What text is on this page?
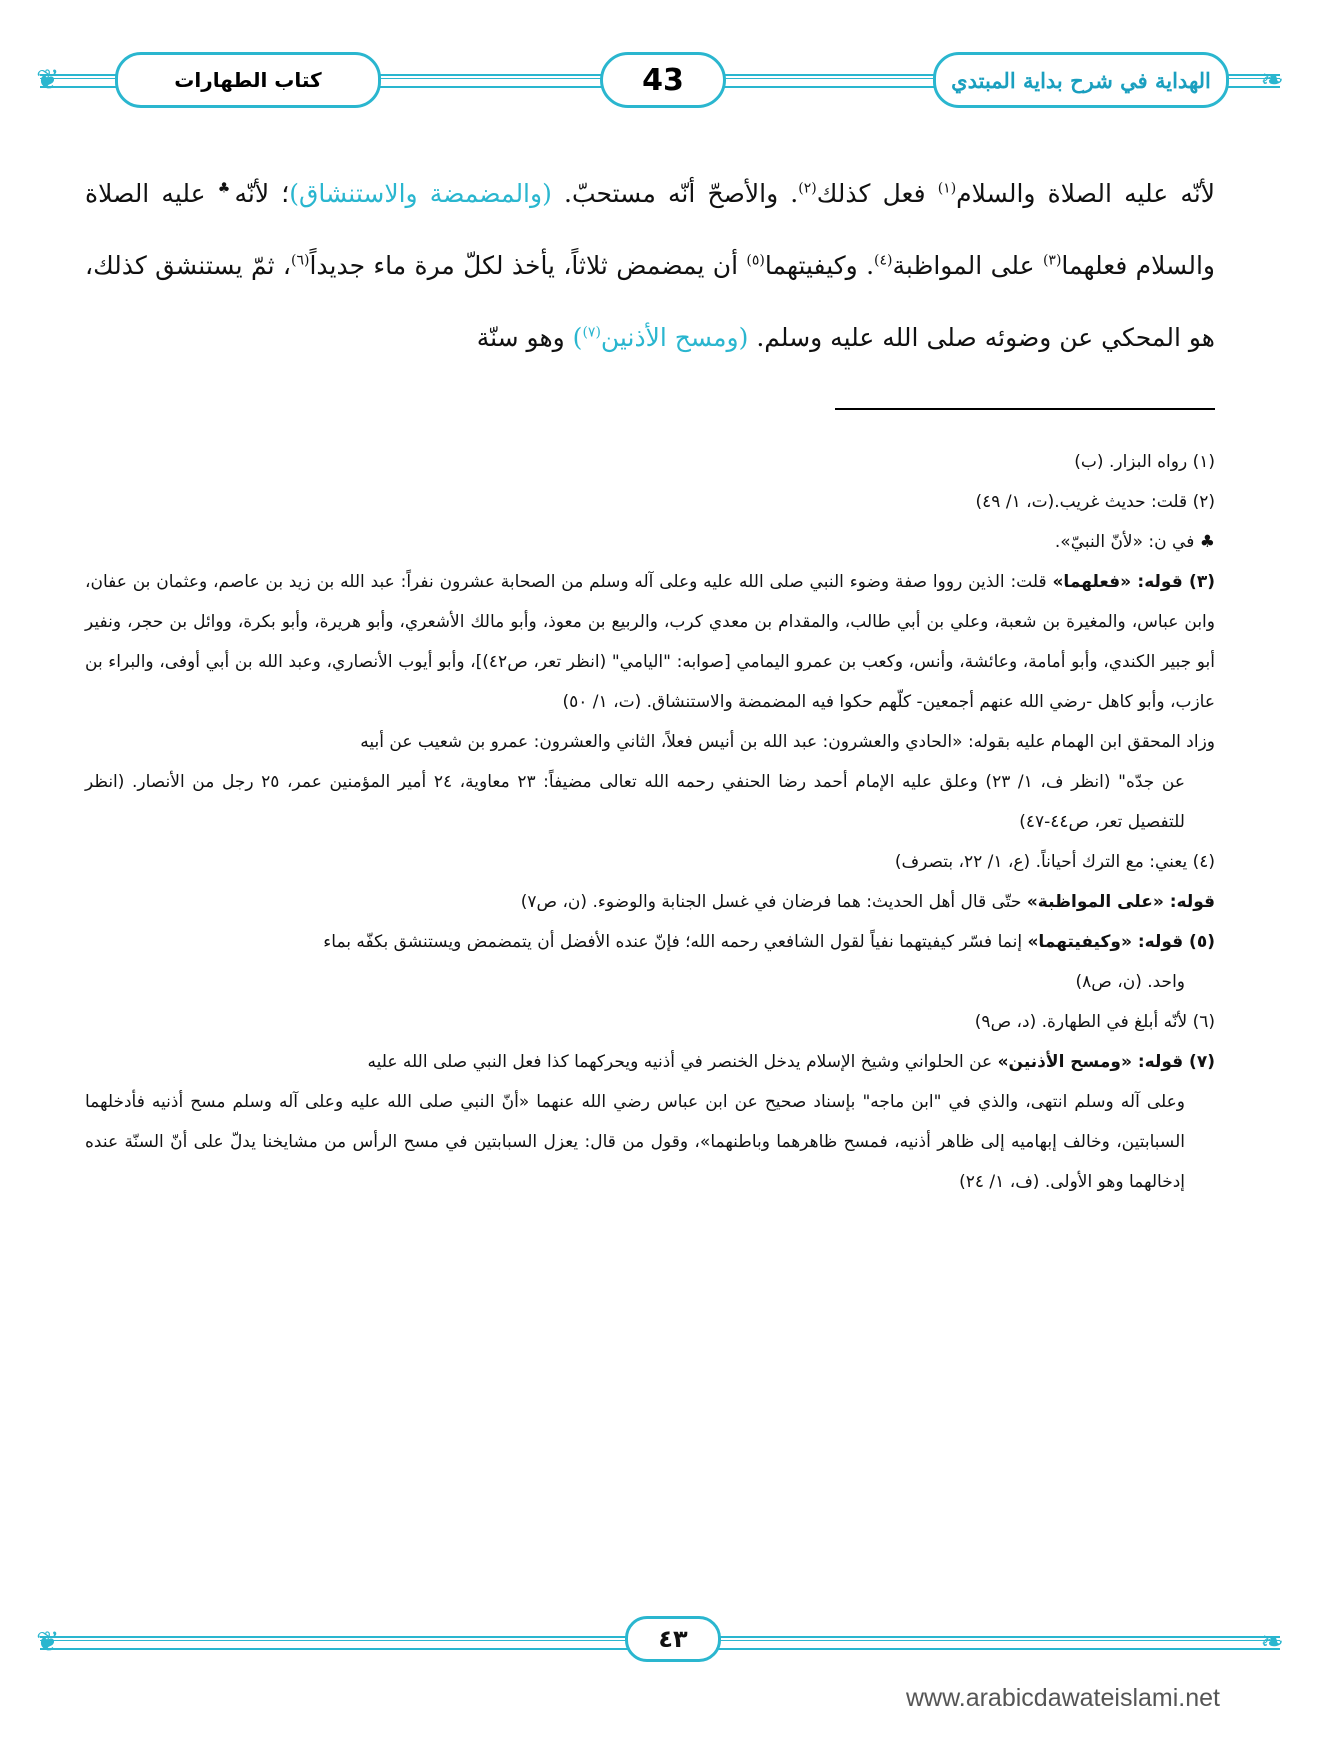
❦	❧
كتاب الطهارات	43	الهداية في شرح بداية المبتدي

لأنّه عليه الصلاة والسلام$^{(١)}$ فعل كذلك$^{(٢)}$. والأصحّ أنّه مستحبّ. (والمضمضة والاستنشاق)؛ لأنّه♣ عليه الصلاة والسلام فعلهما$^{(٣)}$ على المواظبة$^{(٤)}$. وكيفيتهما$^{(٥)}$ أن يمضمض ثلاثاً، يأخذ لكلّ مرة ماء جديداً$^{(٦)}$، ثمّ يستنشق كذلك، هو المحكي عن وضوئه صلى الله عليه وسلم. (ومسح الأذنين$^{(٧)}$) وهو سنّة

(١) رواه البزار. (ب)

(٢) قلت: حديث غريب.(ت، ١/ ٤٩)

♣ في ن: «لأنّ النبيّ».

(٣) قوله: «فعلهما» قلت: الذين رووا صفة وضوء النبي صلى الله عليه وعلى آله وسلم من الصحابة عشرون نفراً: عبد الله بن زيد بن عاصم، وعثمان بن عفان، وابن عباس، والمغيرة بن شعبة، وعلي بن أبي طالب، والمقدام بن معدي كرب، والربيع بن معوذ، وأبو مالك الأشعري، وأبو هريرة، وأبو بكرة، ووائل بن حجر، ونفير أبو جبير الكندي، وأبو أمامة، وعائشة، وأنس، وكعب بن عمرو اليمامي [صوابه: "اليامي" (انظر تعر، ص٤٢)]، وأبو أيوب الأنصاري، وعبد الله بن أبي أوفى، والبراء بن عازب، وأبو كاهل -رضي الله عنهم أجمعين- كلّهم حكوا فيه المضمضة والاستنشاق. (ت، ١/ ٥٠)

وزاد المحقق ابن الهمام عليه بقوله: «الحادي والعشرون: عبد الله بن أنيس فعلاً، الثاني والعشرون: عمرو بن شعيب عن أبيه
عن جدّه" (انظر ف، ١/ ٢٣) وعلق عليه الإمام أحمد رضا الحنفي رحمه الله تعالى مضيفاً: ٢٣ معاوية، ٢٤ أمير المؤمنين عمر، ٢٥ رجل من الأنصار. (انظر للتفصيل تعر، ص٤٤-٤٧)

(٤) يعني: مع الترك أحياناً. (ع، ١/ ٢٢، بتصرف)

قوله: «على المواظبة» حتّى قال أهل الحديث: هما فرضان في غسل الجنابة والوضوء. (ن، ص٧)

(٥) قوله: «وكيفيتهما» إنما فسّر كيفيتهما نفياً لقول الشافعي رحمه الله؛ فإنّ عنده الأفضل أن يتمضمض ويستنشق بكفّه بماء
واحد. (ن، ص٨)

(٦) لأنّه أبلغ في الطهارة. (د، ص٩)

(٧) قوله: «ومسح الأذنين» عن الحلواني وشيخ الإسلام يدخل الخنصر في أذنيه ويحركهما كذا فعل النبي صلى الله عليه
وعلى آله وسلم انتهى، والذي في "ابن ماجه" بإسناد صحيح عن ابن عباس رضي الله عنهما «أنّ النبي صلى الله عليه وعلى آله وسلم مسح أذنيه فأدخلهما السبابتين، وخالف إبهاميه إلى ظاهر أذنيه، فمسح ظاهرهما وباطنهما»، وقول من قال: يعزل السبابتين في مسح الرأس من مشايخنا يدلّ على أنّ السنّة عنده إدخالهما وهو الأولى. (ف، ١/ ٢٤)

❦	❧
٤٣
www.arabicdawateislami.net
